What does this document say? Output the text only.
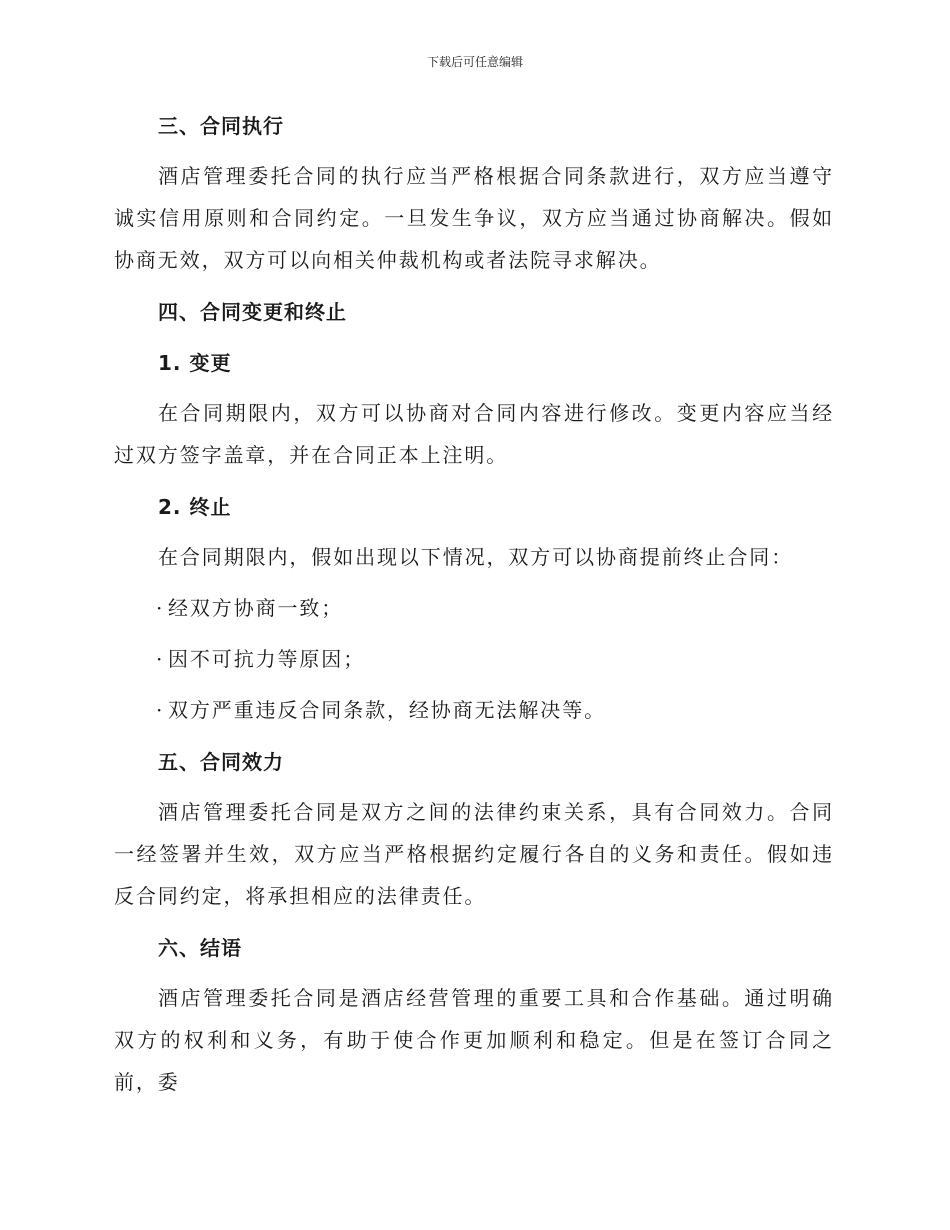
下载后可任意编辑
三、合同执行

酒店管理委托合同的执行应当严格根据合同条款进行，双方应当遵守诚实信用原则和合同约定。一旦发生争议，双方应当通过协商解决。假如协商无效，双方可以向相关仲裁机构或者法院寻求解决。

四、合同变更和终止
1. 变更

在合同期限内，双方可以协商对合同内容进行修改。变更内容应当经过双方签字盖章，并在合同正本上注明。

2. 终止

在合同期限内，假如出现以下情况，双方可以协商提前终止合同：

· 经双方协商一致；

· 因不可抗力等原因；

· 双方严重违反合同条款，经协商无法解决等。

五、合同效力

酒店管理委托合同是双方之间的法律约束关系，具有合同效力。合同一经签署并生效，双方应当严格根据约定履行各自的义务和责任。假如违反合同约定，将承担相应的法律责任。

六、结语

酒店管理委托合同是酒店经营管理的重要工具和合作基础。通过明确双方的权利和义务，有助于使合作更加顺利和稳定。但是在签订合同之前，委
